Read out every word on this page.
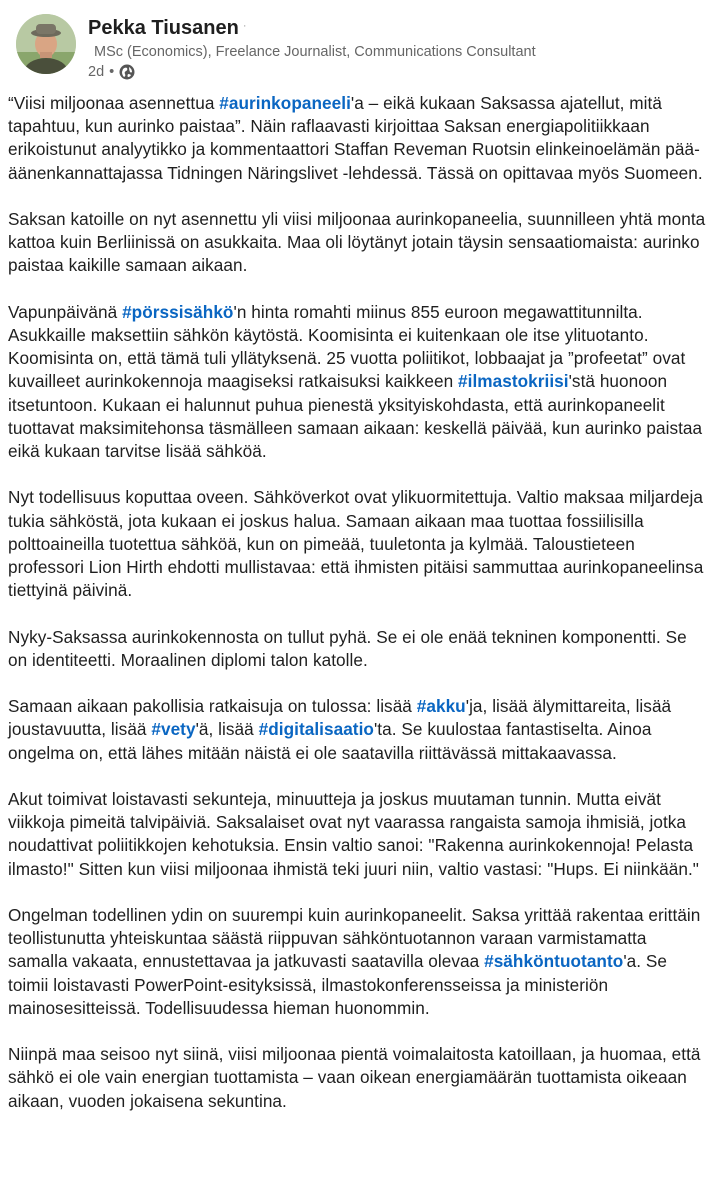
Pekka Tiusanen ·
MSc (Economics), Freelance Journalist, Communications Consultant
2d •

“Viisi miljoonaa asennettua #aurinkopaneeli'a – eikä kukaan Saksassa ajatellut, mitä tapahtuu, kun aurinko paistaa”. Näin raflaavasti kirjoittaa Saksan energiapolitiikkaan erikoistunut analyytikko ja kommentaattori Staffan Reveman Ruotsin elinkeinoelämän pää-äänenkannattajassa Tidningen Näringslivet -lehdessä. Tässä on opittavaa myös Suomeen.

Saksan katoille on nyt asennettu yli viisi miljoonaa aurinkopaneelia, suunnilleen yhtä monta kattoa kuin Berliinissä on asukkaita. Maa oli löytänyt jotain täysin sensaatiomaista: aurinko paistaa kaikille samaan aikaan.

Vapunpäivänä #pörssisähkö'n hinta romahti miinus 855 euroon megawattitunnilta. Asukkaille maksettiin sähkön käytöstä. Koomisinta ei kuitenkaan ole itse ylituotanto. Koomisinta on, että tämä tuli yllätyksenä. 25 vuotta poliitikot, lobbaajat ja ”profeetat” ovat kuvailleet aurinkokennoja maagiseksi ratkaisuksi kaikkeen #ilmastokriisi'stä huonoon itsetuntoon. Kukaan ei halunnut puhua pienestä yksityiskohdasta, että aurinkopaneelit tuottavat maksimitehonsa täsmälleen samaan aikaan: keskellä päivää, kun aurinko paistaa eikä kukaan tarvitse lisää sähköä.

Nyt todellisuus koputtaa oveen. Sähköverkot ovat ylikuormitettuja. Valtio maksaa miljardeja tukia sähköstä, jota kukaan ei joskus halua. Samaan aikaan maa tuottaa fossiilisilla polttoaineilla tuotettua sähköä, kun on pimeää, tuuletonta ja kylmää. Taloustieteen professori Lion Hirth ehdotti mullistavaa: että ihmisten pitäisi sammuttaa aurinkopaneelinsa tiettyinä päivinä.

Nyky-Saksassa aurinkokennosta on tullut pyhä. Se ei ole enää tekninen komponentti. Se on identiteetti. Moraalinen diplomi talon katolle.

Samaan aikaan pakollisia ratkaisuja on tulossa: lisää #akku'ja, lisää älymittareita, lisää joustavuutta, lisää #vety'ä, lisää #digitalisaatio'ta. Se kuulostaa fantastiselta. Ainoa ongelma on, että lähes mitään näistä ei ole saatavilla riittävässä mittakaavassa.

Akut toimivat loistavasti sekunteja, minuutteja ja joskus muutaman tunnin. Mutta eivät viikkoja pimeitä talvipäiviä. Saksalaiset ovat nyt vaarassa rangaista samoja ihmisiä, jotka noudattivat poliitikkojen kehotuksia. Ensin valtio sanoi: "Rakenna aurinkokennoja! Pelasta ilmasto!" Sitten kun viisi miljoonaa ihmistä teki juuri niin, valtio vastasi: "Hups. Ei niinkään."

Ongelman todellinen ydin on suurempi kuin aurinkopaneelit. Saksa yrittää rakentaa erittäin teollistunutta yhteiskuntaa säästä riippuvan sähköntuotannon varaan varmistamatta samalla vakaata, ennustettavaa ja jatkuvasti saatavilla olevaa #sähköntuotanto'a. Se toimii loistavasti PowerPoint-esityksissä, ilmastokonferensseissa ja ministeriön mainosesitteissä. Todellisuudessa hieman huonommin.

Niinpä maa seisoo nyt siinä, viisi miljoonaa pientä voimalaitosta katoillaan, ja huomaa, että sähkö ei ole vain energian tuottamista – vaan oikean energiamäärän tuottamista oikeaan aikaan, vuoden jokaisena sekuntina.
